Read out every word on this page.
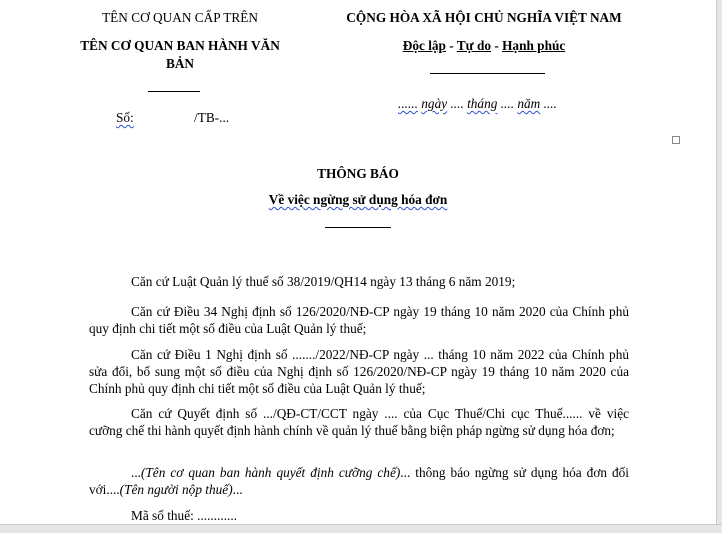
TÊN CƠ QUAN CẤP TRÊN
TÊN CƠ QUAN BAN HÀNH VĂN
BẢN
Số:	/TB-...
CỘNG HÒA XÃ HỘI CHỦ NGHĨA VIỆT NAM
Độc lập - Tự do - Hạnh phúc
...... ngày .... tháng .... năm ....
THÔNG BÁO
Về việc ngừng sử dụng hóa đơn
Căn cứ Luật Quản lý thuế số 38/2019/QH14 ngày 13 tháng 6 năm 2019;
Căn cứ Điều 34 Nghị định số 126/2020/NĐ-CP ngày 19 tháng 10 năm 2020 của Chính phủ quy định chi tiết một số điều của Luật Quản lý thuế;
Căn cứ Điều 1 Nghị định số ......./2022/NĐ-CP ngày ... tháng 10 năm 2022 của Chính phủ sửa đổi, bổ sung một số điều của Nghị định số 126/2020/NĐ-CP ngày 19 tháng 10 năm 2020 của Chính phủ quy định chi tiết một số điều của Luật Quản lý thuế;
Căn cứ Quyết định số .../QĐ-CT/CCT ngày .... của Cục Thuế/Chi cục Thuế...... về việc cưỡng chế thi hành quyết định hành chính về quản lý thuế bằng biện pháp ngừng sử dụng hóa đơn;
...(Tên cơ quan ban hành quyết định cưỡng chế)... thông báo ngừng sử dụng hóa đơn đối với....(Tên người nộp thuế)...
Mã số thuế: ............
